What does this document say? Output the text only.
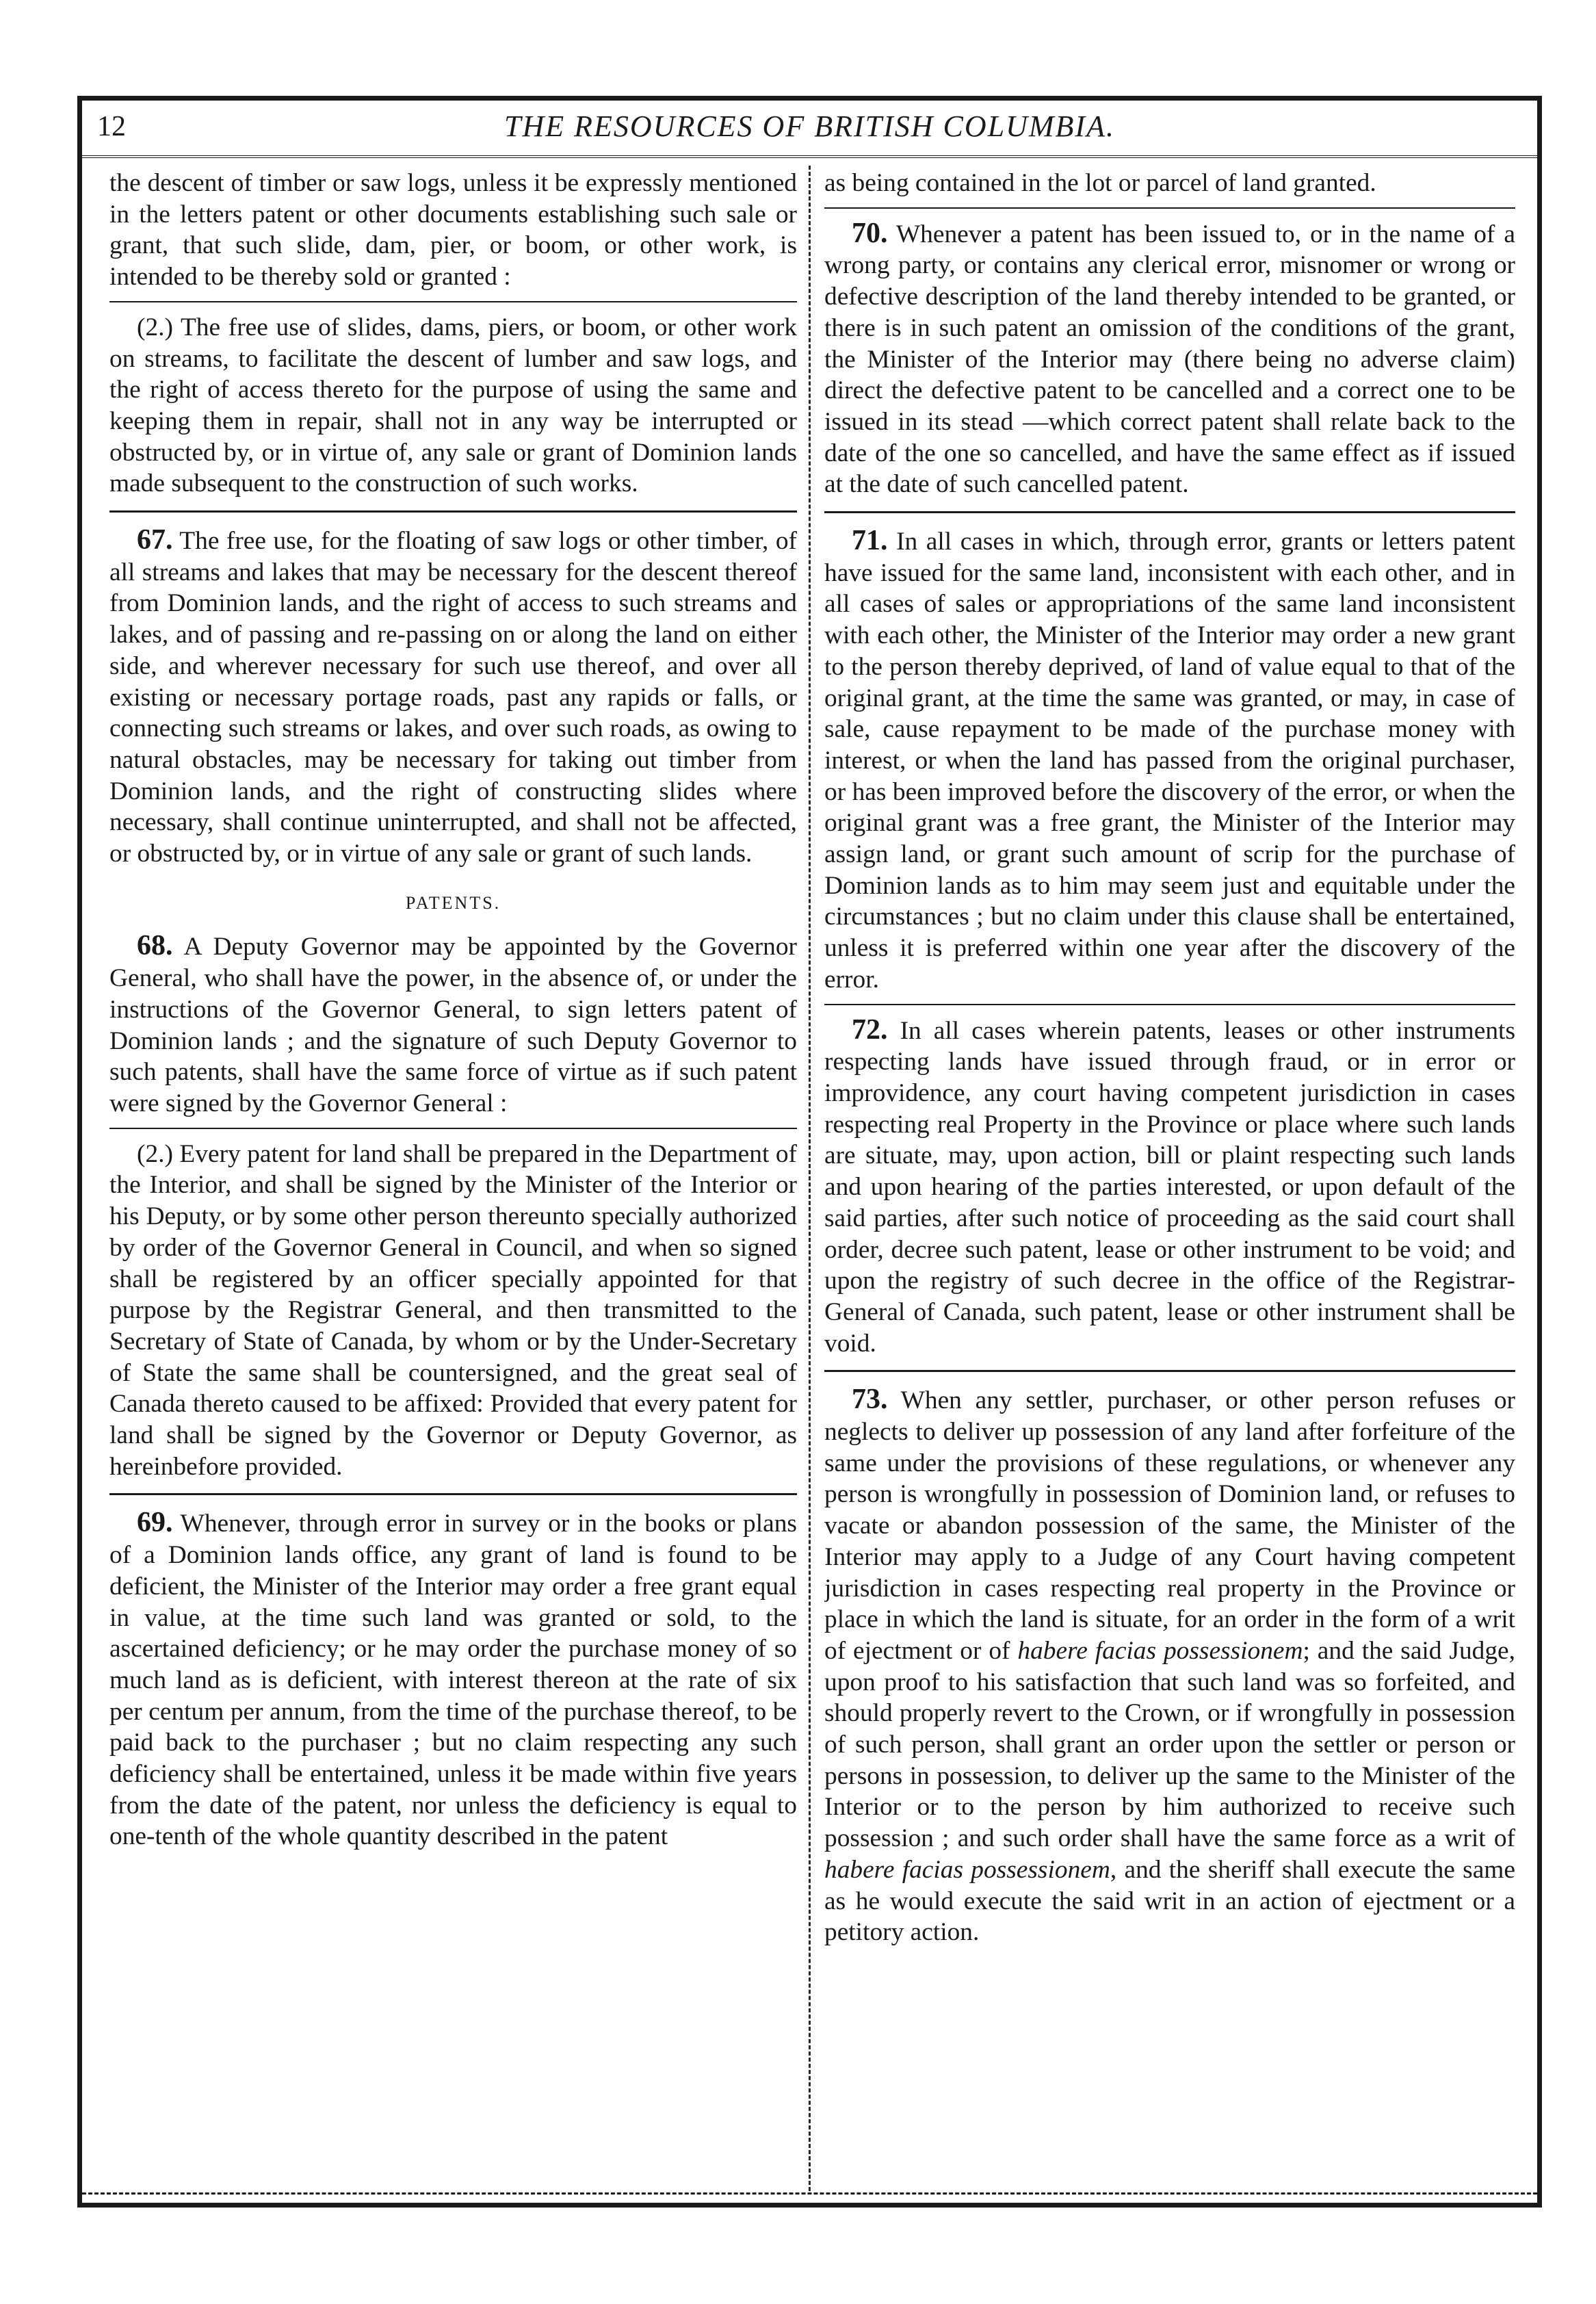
12	THE RESOURCES OF BRITISH COLUMBIA.

the descent of timber or saw logs, unless it be expressly mentioned in the letters patent or other documents establishing such sale or grant, that such slide, dam, pier, or boom, or other work, is intended to be thereby sold or granted :

(2.) The free use of slides, dams, piers, or boom, or other work on streams, to facilitate the descent of lumber and saw logs, and the right of access thereto for the purpose of using the same and keeping them in repair, shall not in any way be interrupted or obstructed by, or in virtue of, any sale or grant of Dominion lands made subsequent to the construction of such works.

67. The free use, for the floating of saw logs or other timber, of all streams and lakes that may be necessary for the descent thereof from Dominion lands, and the right of access to such streams and lakes, and of passing and re-passing on or along the land on either side, and wherever necessary for such use thereof, and over all existing or necessary portage roads, past any rapids or falls, or connecting such streams or lakes, and over such roads, as owing to natural obstacles, may be necessary for taking out timber from Dominion lands, and the right of constructing slides where necessary, shall continue uninterrupted, and shall not be affected, or obstructed by, or in virtue of any sale or grant of such lands.

PATENTS.

68. A Deputy Governor may be appointed by the Governor General, who shall have the power, in the absence of, or under the instructions of the Governor General, to sign letters patent of Dominion lands ; and the signature of such Deputy Governor to such patents, shall have the same force of virtue as if such patent were signed by the Governor General :

(2.) Every patent for land shall be prepared in the Department of the Interior, and shall be signed by the Minister of the Interior or his Deputy, or by some other person thereunto specially authorized by order of the Governor General in Council, and when so signed shall be registered by an officer specially appointed for that purpose by the Registrar General, and then transmitted to the Secretary of State of Canada, by whom or by the Under-Secretary of State the same shall be countersigned, and the great seal of Canada thereto caused to be affixed: Provided that every patent for land shall be signed by the Governor or Deputy Governor, as hereinbefore provided.

69. Whenever, through error in survey or in the books or plans of a Dominion lands office, any grant of land is found to be deficient, the Minister of the Interior may order a free grant equal in value, at the time such land was granted or sold, to the ascertained deficiency; or he may order the purchase money of so much land as is deficient, with interest thereon at the rate of six per centum per annum, from the time of the purchase thereof, to be paid back to the purchaser ; but no claim respecting any such deficiency shall be entertained, unless it be made within five years from the date of the patent, nor unless the deficiency is equal to one-tenth of the whole quantity described in the patent

as being contained in the lot or parcel of land granted.

70. Whenever a patent has been issued to, or in the name of a wrong party, or contains any clerical error, misnomer or wrong or defective description of the land thereby intended to be granted, or there is in such patent an omission of the conditions of the grant, the Minister of the Interior may (there being no adverse claim) direct the defective patent to be cancelled and a correct one to be issued in its stead —which correct patent shall relate back to the date of the one so cancelled, and have the same effect as if issued at the date of such cancelled patent.

71. In all cases in which, through error, grants or letters patent have issued for the same land, inconsistent with each other, and in all cases of sales or appropriations of the same land inconsistent with each other, the Minister of the Interior may order a new grant to the person thereby deprived, of land of value equal to that of the original grant, at the time the same was granted, or may, in case of sale, cause repayment to be made of the purchase money with interest, or when the land has passed from the original purchaser, or has been improved before the discovery of the error, or when the original grant was a free grant, the Minister of the Interior may assign land, or grant such amount of scrip for the purchase of Dominion lands as to him may seem just and equitable under the circumstances ; but no claim under this clause shall be entertained, unless it is preferred within one year after the discovery of the error.

72. In all cases wherein patents, leases or other instruments respecting lands have issued through fraud, or in error or improvidence, any court having competent jurisdiction in cases respecting real Property in the Province or place where such lands are situate, may, upon action, bill or plaint respecting such lands and upon hearing of the parties interested, or upon default of the said parties, after such notice of proceeding as the said court shall order, decree such patent, lease or other instrument to be void; and upon the registry of such decree in the office of the Registrar-General of Canada, such patent, lease or other instrument shall be void.

73. When any settler, purchaser, or other person refuses or neglects to deliver up possession of any land after forfeiture of the same under the provisions of these regulations, or whenever any person is wrongfully in possession of Dominion land, or refuses to vacate or abandon possession of the same, the Minister of the Interior may apply to a Judge of any Court having competent jurisdiction in cases respecting real property in the Province or place in which the land is situate, for an order in the form of a writ of ejectment or of habere facias possessionem; and the said Judge, upon proof to his satisfaction that such land was so forfeited, and should properly revert to the Crown, or if wrongfully in possession of such person, shall grant an order upon the settler or person or persons in possession, to deliver up the same to the Minister of the Interior or to the person by him authorized to receive such possession ; and such order shall have the same force as a writ of habere facias possessionem, and the sheriff shall execute the same as he would execute the said writ in an action of ejectment or a petitory action.
